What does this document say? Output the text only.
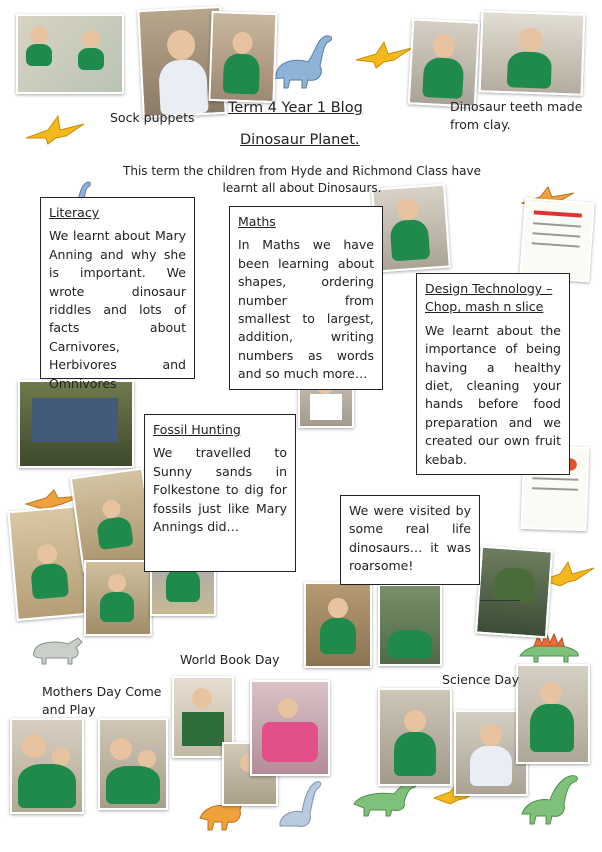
Term 4 Year 1 Blog
Dinosaur Planet.
This term the children from Hyde and Richmond Class have learnt all about Dinosaurs.
Sock puppets
Dinosaur teeth made from clay.
Literacy
We learnt about Mary Anning and why she is important. We wrote dinosaur riddles and lots of facts about Carnivores, Herbivores and Omnivores
Maths
In Maths we have been learning about shapes, ordering number from smallest to largest, addition, writing numbers as words and so much more…
Design Technology – Chop, mash n slice
We learnt about the importance of being having a healthy diet, cleaning your hands before food preparation and we created our own fruit kebab.
Fossil Hunting
We travelled to Sunny sands in Folkestone to dig for fossils just like Mary Annings did…
We were visited by some real life dinosaurs… it was roarsome!
World Book Day
Mothers Day Come and Play
Science Day
